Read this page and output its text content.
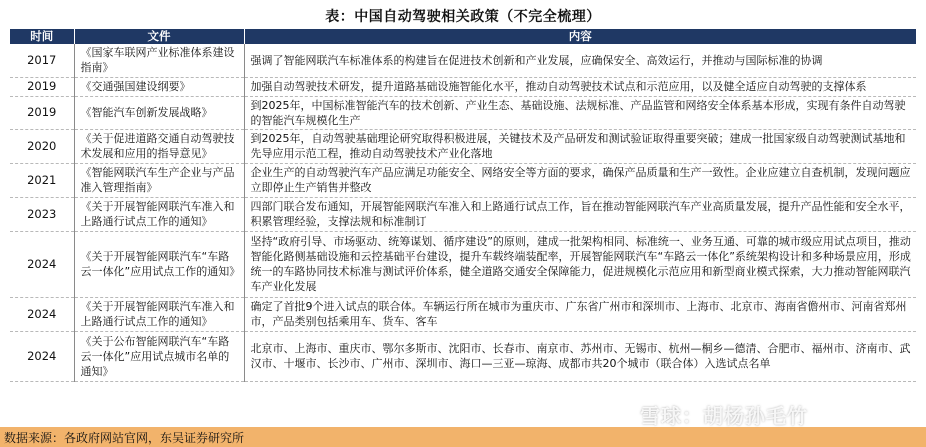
表：中国自动驾驶相关政策（不完全梳理）
时间	文件	内容
2017	《国家车联网产业标准体系建设指南》	强调了智能网联汽车标准体系的构建旨在促进技术创新和产业发展，应确保安全、高效运行，并推动与国际标准的协调
2019	《交通强国建设纲要》	加强自动驾驶技术研发，提升道路基础设施智能化水平，推动自动驾驶技术试点和示范应用，以及健全适应自动驾驶的支撑体系
2019	《智能汽车创新发展战略》	到2025年，中国标准智能汽车的技术创新、产业生态、基础设施、法规标准、产品监管和网络安全体系基本形成，实现有条件自动驾驶的智能汽车规模化生产
2020	《关于促进道路交通自动驾驶技术发展和应用的指导意见》	到2025年，自动驾驶基础理论研究取得积极进展，关键技术及产品研发和测试验证取得重要突破；建成一批国家级自动驾驶测试基地和先导应用示范工程，推动自动驾驶技术产业化落地
2021	《智能网联汽车生产企业与产品准入管理指南》	企业生产的自动驾驶汽车产品应满足功能安全、网络安全等方面的要求，确保产品质量和生产一致性。企业应建立自查机制，发现问题应立即停止生产销售并整改
2023	《关于开展智能网联汽车准入和上路通行试点工作的通知》	四部门联合发布通知，开展智能网联汽车准入和上路通行试点工作，旨在推动智能网联汽车产业高质量发展，提升产品性能和安全水平，积累管理经验，支撑法规和标准制订
2024	《关于开展智能网联汽车“车路云一体化”应用试点工作的通知》	坚持“政府引导、市场驱动、统筹谋划、循序建设”的原则，建成一批架构相同、标准统一、业务互通、可靠的城市级应用试点项目，推动智能化路侧基础设施和云控基础平台建设，提升车载终端装配率，开展智能网联汽车“车路云一体化”系统架构设计和多种场景应用，形成统一的车路协同技术标准与测试评价体系，健全道路交通安全保障能力，促进规模化示范应用和新型商业模式探索，大力推动智能网联汽车产业化发展
2024	《关于开展智能网联汽车准入和上路通行试点工作的通知》	确定了首批9个进入试点的联合体。车辆运行所在城市为重庆市、广东省广州市和深圳市、上海市、北京市、海南省儋州市、河南省郑州市，产品类别包括乘用车、货车、客车
2024	《关于公布智能网联汽车“车路云一体化”应用试点城市名单的通知》	北京市、上海市、重庆市、鄂尔多斯市、沈阳市、长春市、南京市、苏州市、无锡市、杭州—桐乡—德清、合肥市、福州市、济南市、武汉市、十堰市、长沙市、广州市、深圳市、海口—三亚—琼海、成都市共20个城市（联合体）入选试点名单
数据来源：各政府网站官网，东吴证券研究所
雪球：胡杨孙毛竹
